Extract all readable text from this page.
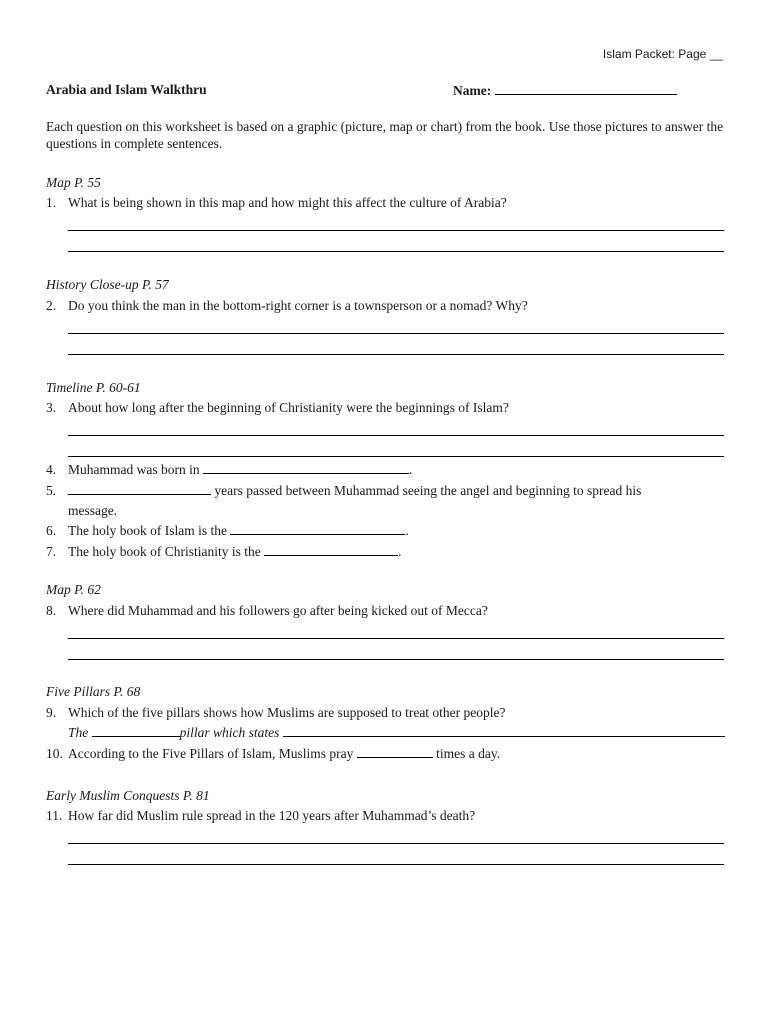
Islam Packet: Page __
Arabia and Islam Walkthru	Name:
Each question on this worksheet is based on a graphic (picture, map or chart) from the book. Use those pictures to answer the questions in complete sentences.
Map P. 55
1. What is being shown in this map and how might this affect the culture of Arabia?
History Close-up P. 57
2. Do you think the man in the bottom-right corner is a townsperson or a nomad? Why?
Timeline P. 60-61
3. About how long after the beginning of Christianity were the beginnings of Islam?
4. Muhammad was born in	.
5.	years passed between Muhammad seeing the angel and beginning to spread his
message.
6. The holy book of Islam is the	.
7. The holy book of Christianity is the	.
Map P. 62
8. Where did Muhammad and his followers go after being kicked out of Mecca?
Five Pillars P. 68
9. Which of the five pillars shows how Muslims are supposed to treat other people?
The	pillar which states
10. According to the Five Pillars of Islam, Muslims pray	times a day.
Early Muslim Conquests P. 81
11. How far did Muslim rule spread in the 120 years after Muhammad’s death?
